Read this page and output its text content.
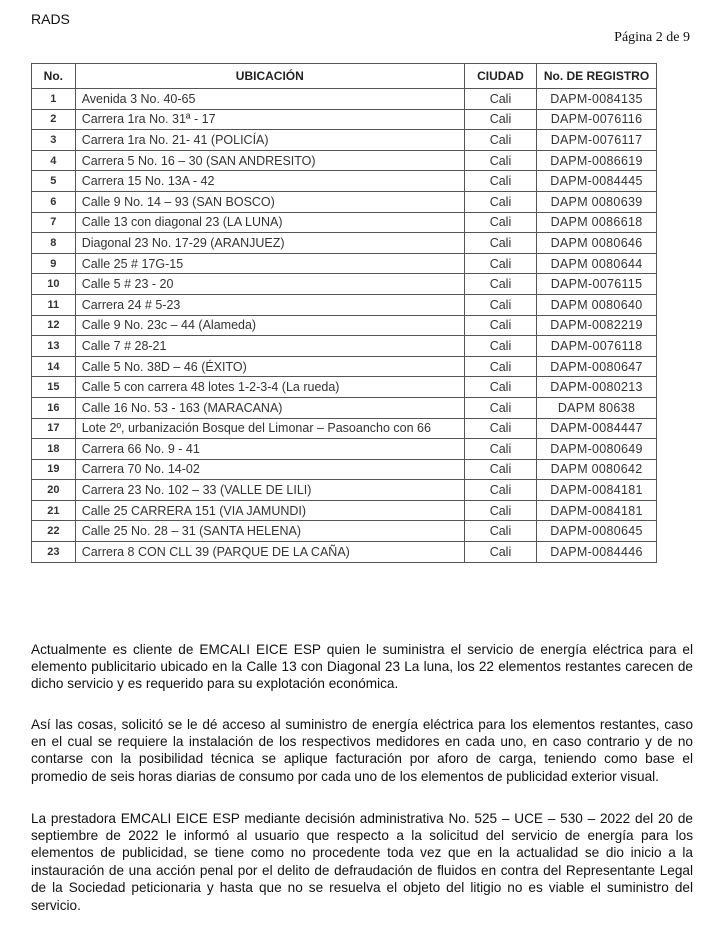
RADS
Página 2 de 9
No.	UBICACIÓN	CIUDAD	No. DE REGISTRO
1	Avenida 3 No. 40-65	Cali	DAPM-0084135
2	Carrera 1ra No. 31ª - 17	Cali	DAPM-0076116
3	Carrera 1ra No. 21- 41 (POLICÍA)	Cali	DAPM-0076117
4	Carrera 5 No. 16 – 30 (SAN ANDRESITO)	Cali	DAPM-0086619
5	Carrera 15 No. 13A - 42	Cali	DAPM-0084445
6	Calle 9 No. 14 – 93 (SAN BOSCO)	Cali	DAPM 0080639
7	Calle 13 con diagonal 23 (LA LUNA)	Cali	DAPM 0086618
8	Diagonal 23 No. 17-29 (ARANJUEZ)	Cali	DAPM 0080646
9	Calle 25 # 17G-15	Cali	DAPM 0080644
10	Calle 5 # 23 - 20	Cali	DAPM-0076115
11	Carrera 24 # 5-23	Cali	DAPM 0080640
12	Calle 9 No. 23c – 44 (Alameda)	Cali	DAPM-0082219
13	Calle 7 # 28-21	Cali	DAPM-0076118
14	Calle 5 No. 38D – 46 (ÉXITO)	Cali	DAPM-0080647
15	Calle 5 con carrera 48 lotes 1-2-3-4 (La rueda)	Cali	DAPM-0080213
16	Calle 16 No. 53 - 163 (MARACANA)	Cali	DAPM 80638
17	Lote 2º, urbanización Bosque del Limonar – Pasoancho con 66	Cali	DAPM-0084447
18	Carrera 66 No. 9 - 41	Cali	DAPM-0080649
19	Carrera 70 No. 14-02	Cali	DAPM 0080642
20	Carrera 23 No. 102 – 33 (VALLE DE LILI)	Cali	DAPM-0084181
21	Calle 25 CARRERA 151 (VIA JAMUNDI)	Cali	DAPM-0084181
22	Calle 25 No. 28 – 31 (SANTA HELENA)	Cali	DAPM-0080645
23	Carrera 8 CON CLL 39 (PARQUE DE LA CAÑA)	Cali	DAPM-0084446

Actualmente es cliente de EMCALI EICE ESP quien le suministra el servicio de energía eléctrica para el elemento publicitario ubicado en la Calle 13 con Diagonal 23 La luna, los 22 elementos restantes carecen de dicho servicio y es requerido para su explotación económica.

Así las cosas, solicitó se le dé acceso al suministro de energía eléctrica para los elementos restantes, caso en el cual se requiere la instalación de los respectivos medidores en cada uno, en caso contrario y de no contarse con la posibilidad técnica se aplique facturación por aforo de carga, teniendo como base el promedio de seis horas diarias de consumo por cada uno de los elementos de publicidad exterior visual.

La prestadora EMCALI EICE ESP mediante decisión administrativa No. 525 – UCE – 530 – 2022 del 20 de septiembre de 2022 le informó al usuario que respecto a la solicitud del servicio de energía para los elementos de publicidad, se tiene como no procedente toda vez que en la actualidad se dio inicio a la instauración de una acción penal por el delito de defraudación de fluidos en contra del Representante Legal de la Sociedad peticionaria y hasta que no se resuelva el objeto del litigio no es viable el suministro del servicio.
